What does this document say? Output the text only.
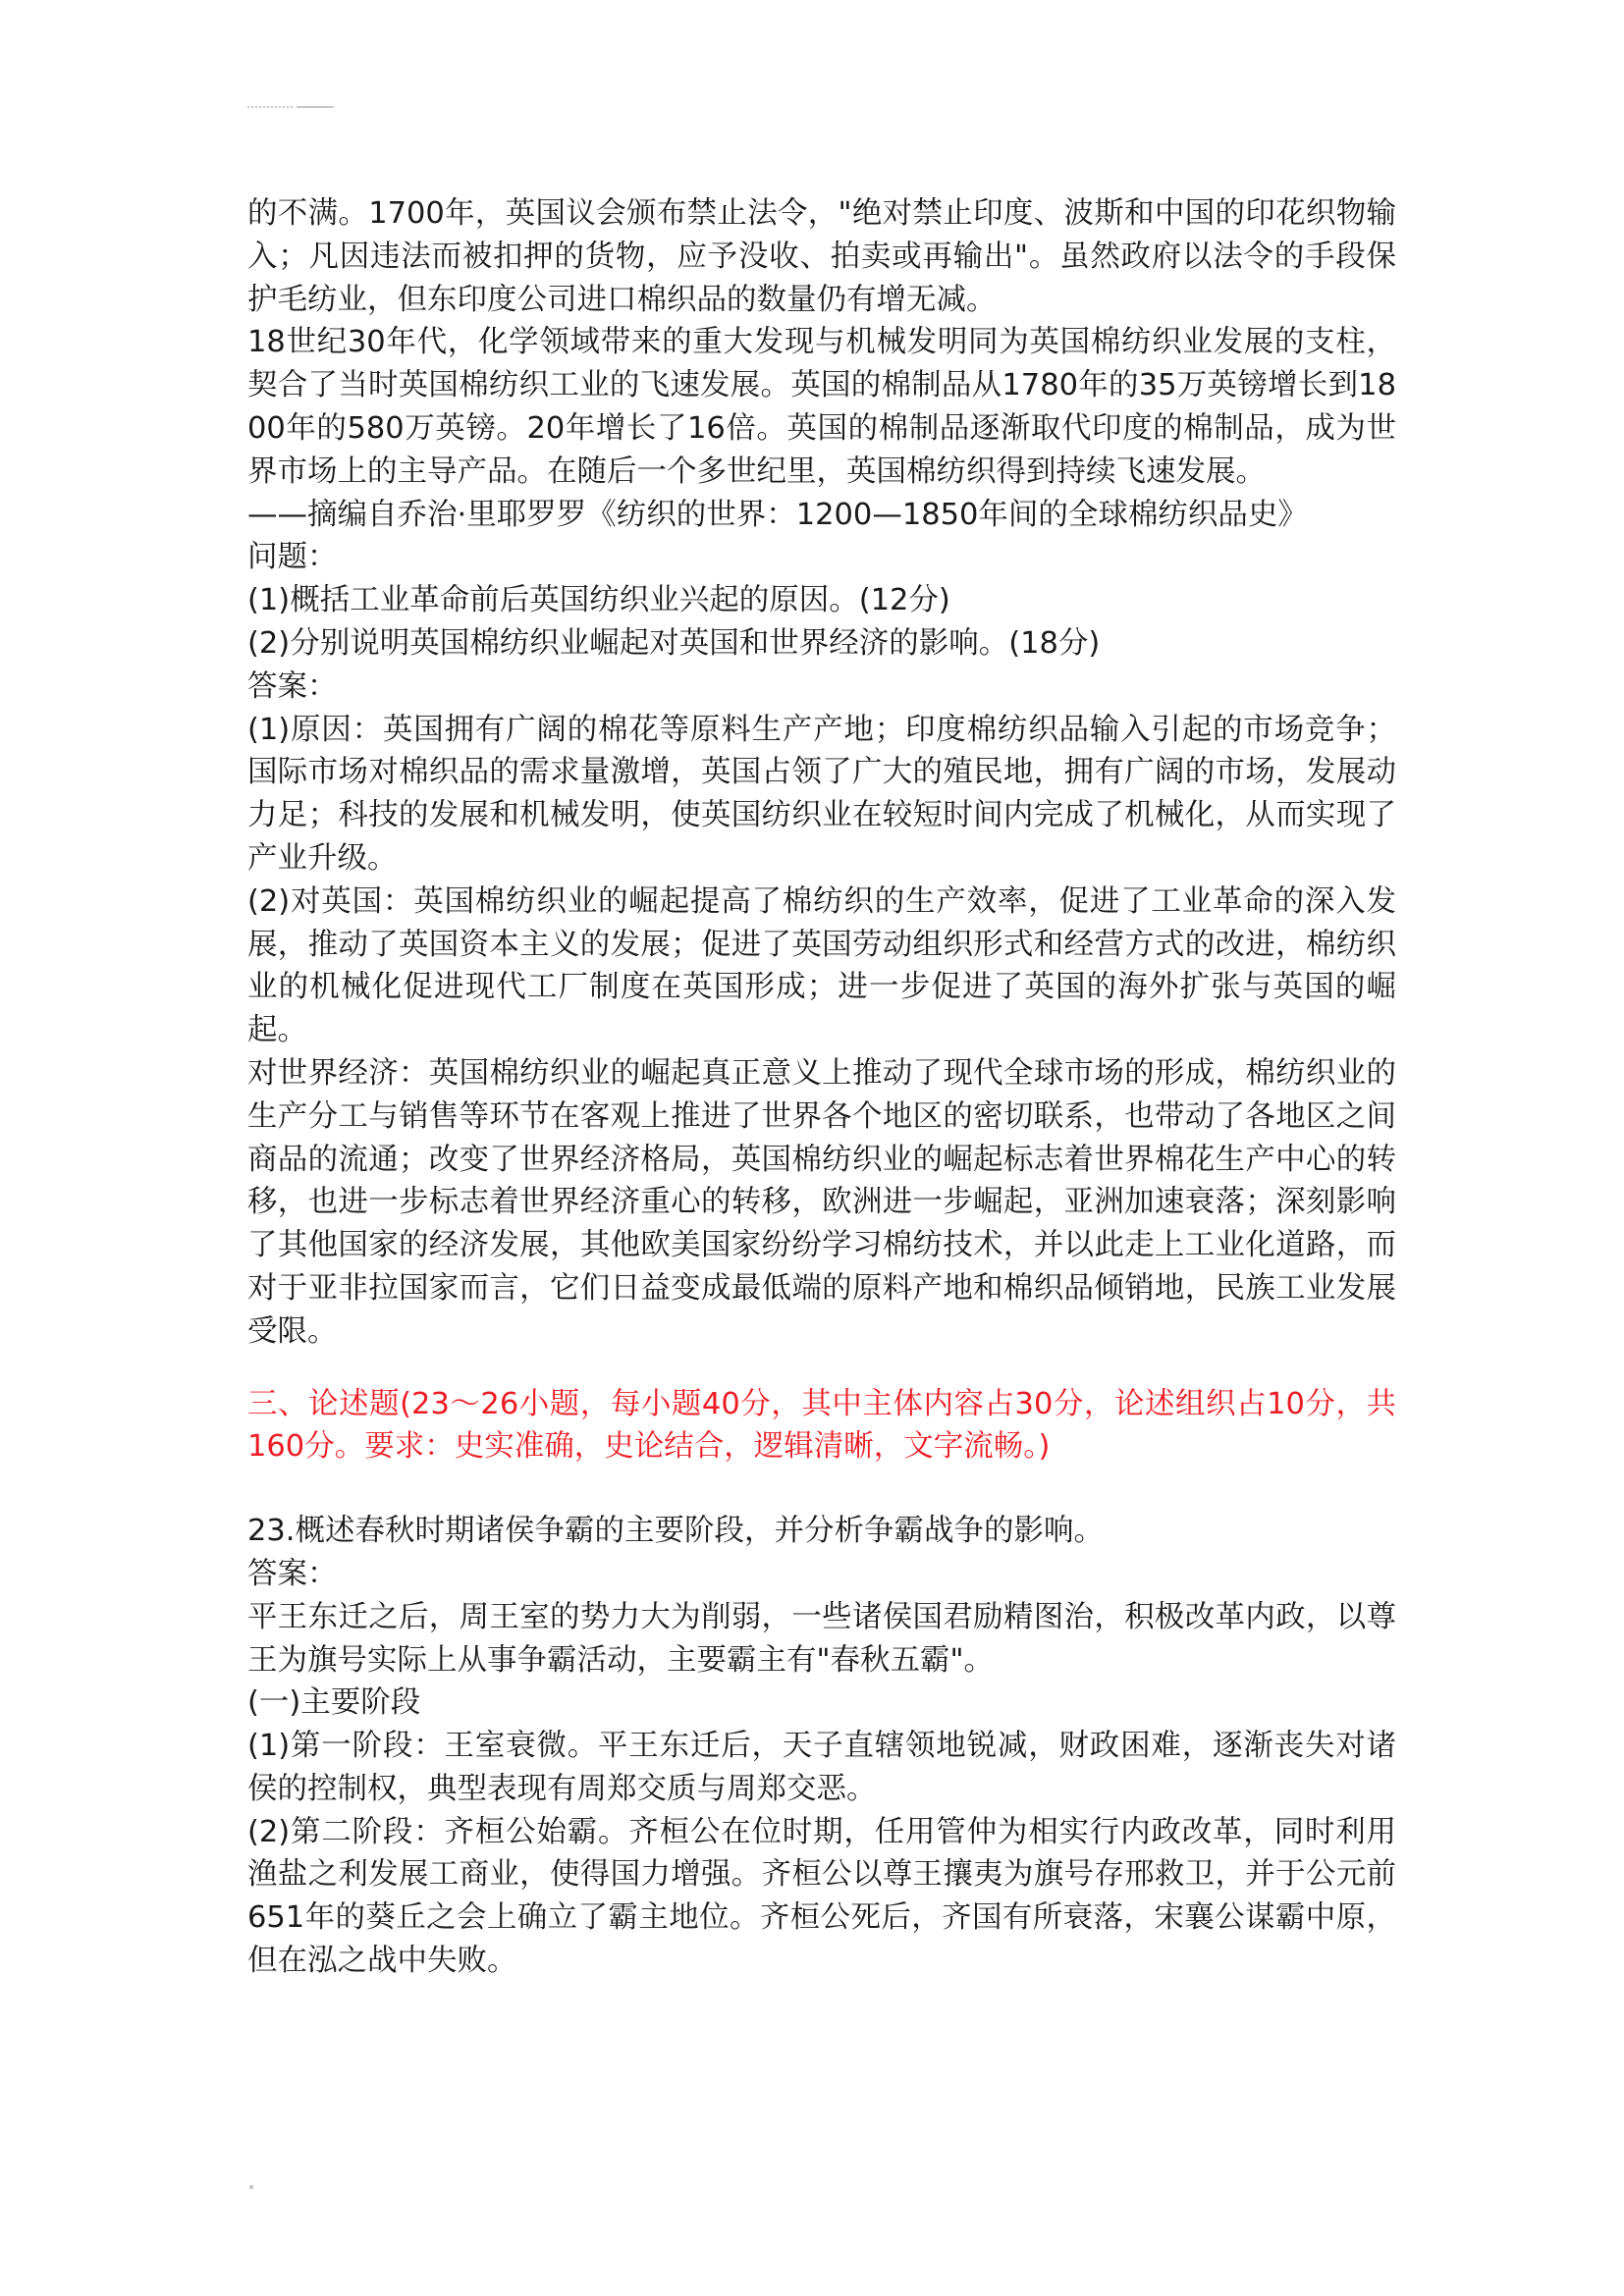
的不满。1700年，英国议会颁布禁止法令，"绝对禁止印度、波斯和中国的印花织物输入；凡因违法而被扣押的货物，应予没收、拍卖或再输出"。虽然政府以法令的手段保护毛纺业，但东印度公司进口棉织品的数量仍有增无减。

18世纪30年代，化学领域带来的重大发现与机械发明同为英国棉纺织业发展的支柱，契合了当时英国棉纺织工业的飞速发展。英国的棉制品从1780年的35万英镑增长到1800年的580万英镑。20年增长了16倍。英国的棉制品逐渐取代印度的棉制品，成为世界市场上的主导产品。在随后一个多世纪里，英国棉纺织得到持续飞速发展。

——摘编自乔治·里耶罗罗《纺织的世界：1200—1850年间的全球棉纺织品史》

问题：

(1)概括工业革命前后英国纺织业兴起的原因。(12分)

(2)分别说明英国棉纺织业崛起对英国和世界经济的影响。(18分)

答案：

(1)原因：英国拥有广阔的棉花等原料生产产地；印度棉纺织品输入引起的市场竞争；国际市场对棉织品的需求量激增，英国占领了广大的殖民地，拥有广阔的市场，发展动力足；科技的发展和机械发明，使英国纺织业在较短时间内完成了机械化，从而实现了产业升级。

(2)对英国：英国棉纺织业的崛起提高了棉纺织的生产效率，促进了工业革命的深入发展，推动了英国资本主义的发展；促进了英国劳动组织形式和经营方式的改进，棉纺织业的机械化促进现代工厂制度在英国形成；进一步促进了英国的海外扩张与英国的崛起。

对世界经济：英国棉纺织业的崛起真正意义上推动了现代全球市场的形成，棉纺织业的生产分工与销售等环节在客观上推进了世界各个地区的密切联系，也带动了各地区之间商品的流通；改变了世界经济格局，英国棉纺织业的崛起标志着世界棉花生产中心的转移，也进一步标志着世界经济重心的转移，欧洲进一步崛起，亚洲加速衰落；深刻影响了其他国家的经济发展，其他欧美国家纷纷学习棉纺技术，并以此走上工业化道路，而对于亚非拉国家而言，它们日益变成最低端的原料产地和棉织品倾销地，民族工业发展受限。

三、论述题(23～26小题，每小题40分，其中主体内容占30分，论述组织占10分，共160分。要求：史实准确，史论结合，逻辑清晰，文字流畅。)

23.概述春秋时期诸侯争霸的主要阶段，并分析争霸战争的影响。

答案：

平王东迁之后，周王室的势力大为削弱，一些诸侯国君励精图治，积极改革内政，以尊王为旗号实际上从事争霸活动，主要霸主有"春秋五霸"。

(一)主要阶段

(1)第一阶段：王室衰微。平王东迁后，天子直辖领地锐减，财政困难，逐渐丧失对诸侯的控制权，典型表现有周郑交质与周郑交恶。

(2)第二阶段：齐桓公始霸。齐桓公在位时期，任用管仲为相实行内政改革，同时利用渔盐之利发展工商业，使得国力增强。齐桓公以尊王攘夷为旗号存邢救卫，并于公元前651年的葵丘之会上确立了霸主地位。齐桓公死后，齐国有所衰落，宋襄公谋霸中原，但在泓之战中失败。
